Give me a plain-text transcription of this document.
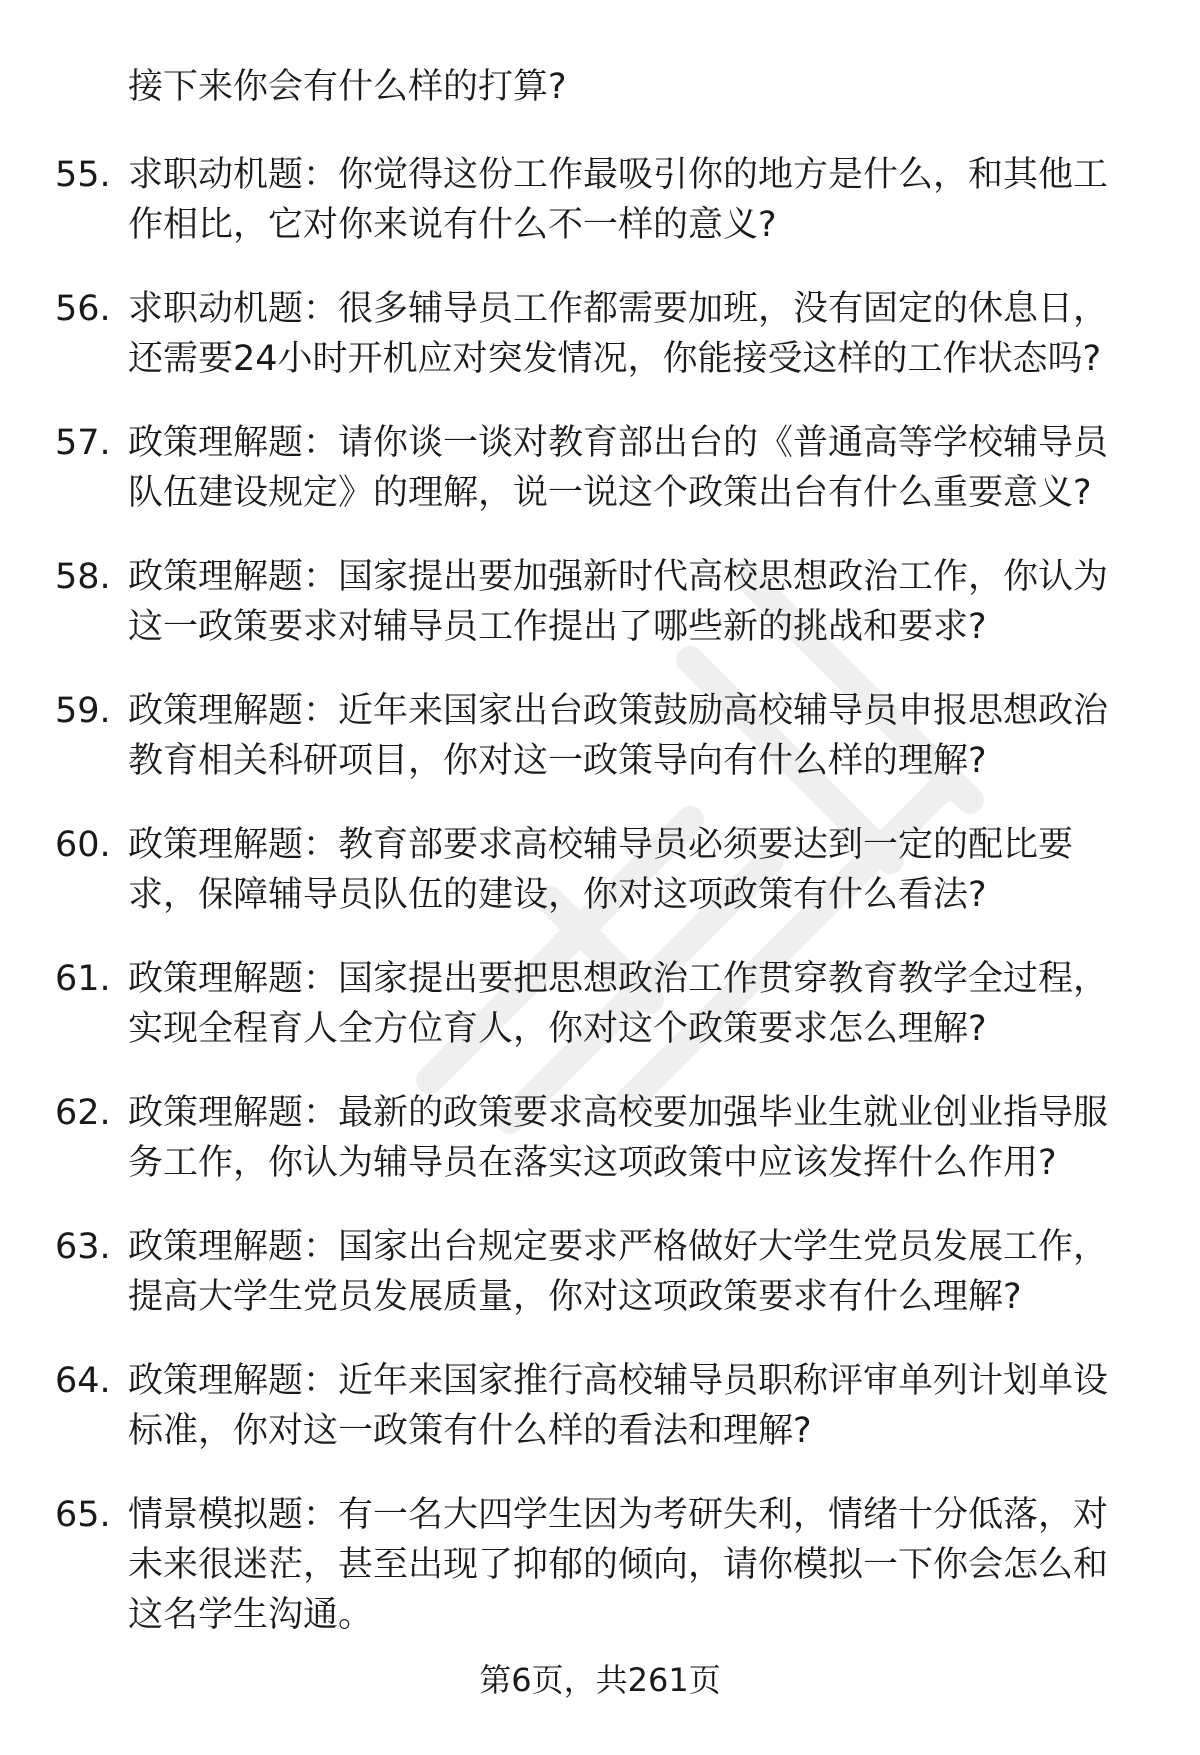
接下来你会有什么样的打算?
55. 求职动机题：你觉得这份工作最吸引你的地方是什么，和其他工作相比，它对你来说有什么不一样的意义?
56. 求职动机题：很多辅导员工作都需要加班，没有固定的休息日，还需要24小时开机应对突发情况，你能接受这样的工作状态吗?
57. 政策理解题：请你谈一谈对教育部出台的《普通高等学校辅导员队伍建设规定》的理解，说一说这个政策出台有什么重要意义?
58. 政策理解题：国家提出要加强新时代高校思想政治工作，你认为这一政策要求对辅导员工作提出了哪些新的挑战和要求?
59. 政策理解题：近年来国家出台政策鼓励高校辅导员申报思想政治教育相关科研项目，你对这一政策导向有什么样的理解?
60. 政策理解题：教育部要求高校辅导员必须要达到一定的配比要求，保障辅导员队伍的建设，你对这项政策有什么看法?
61. 政策理解题：国家提出要把思想政治工作贯穿教育教学全过程，实现全程育人全方位育人，你对这个政策要求怎么理解?
62. 政策理解题：最新的政策要求高校要加强毕业生就业创业指导服务工作，你认为辅导员在落实这项政策中应该发挥什么作用?
63. 政策理解题：国家出台规定要求严格做好大学生党员发展工作，提高大学生党员发展质量，你对这项政策要求有什么理解?
64. 政策理解题：近年来国家推行高校辅导员职称评审单列计划单设标准，你对这一政策有什么样的看法和理解?
65. 情景模拟题：有一名大四学生因为考研失利，情绪十分低落，对未来很迷茫，甚至出现了抑郁的倾向，请你模拟一下你会怎么和这名学生沟通。
第6页，共261页
